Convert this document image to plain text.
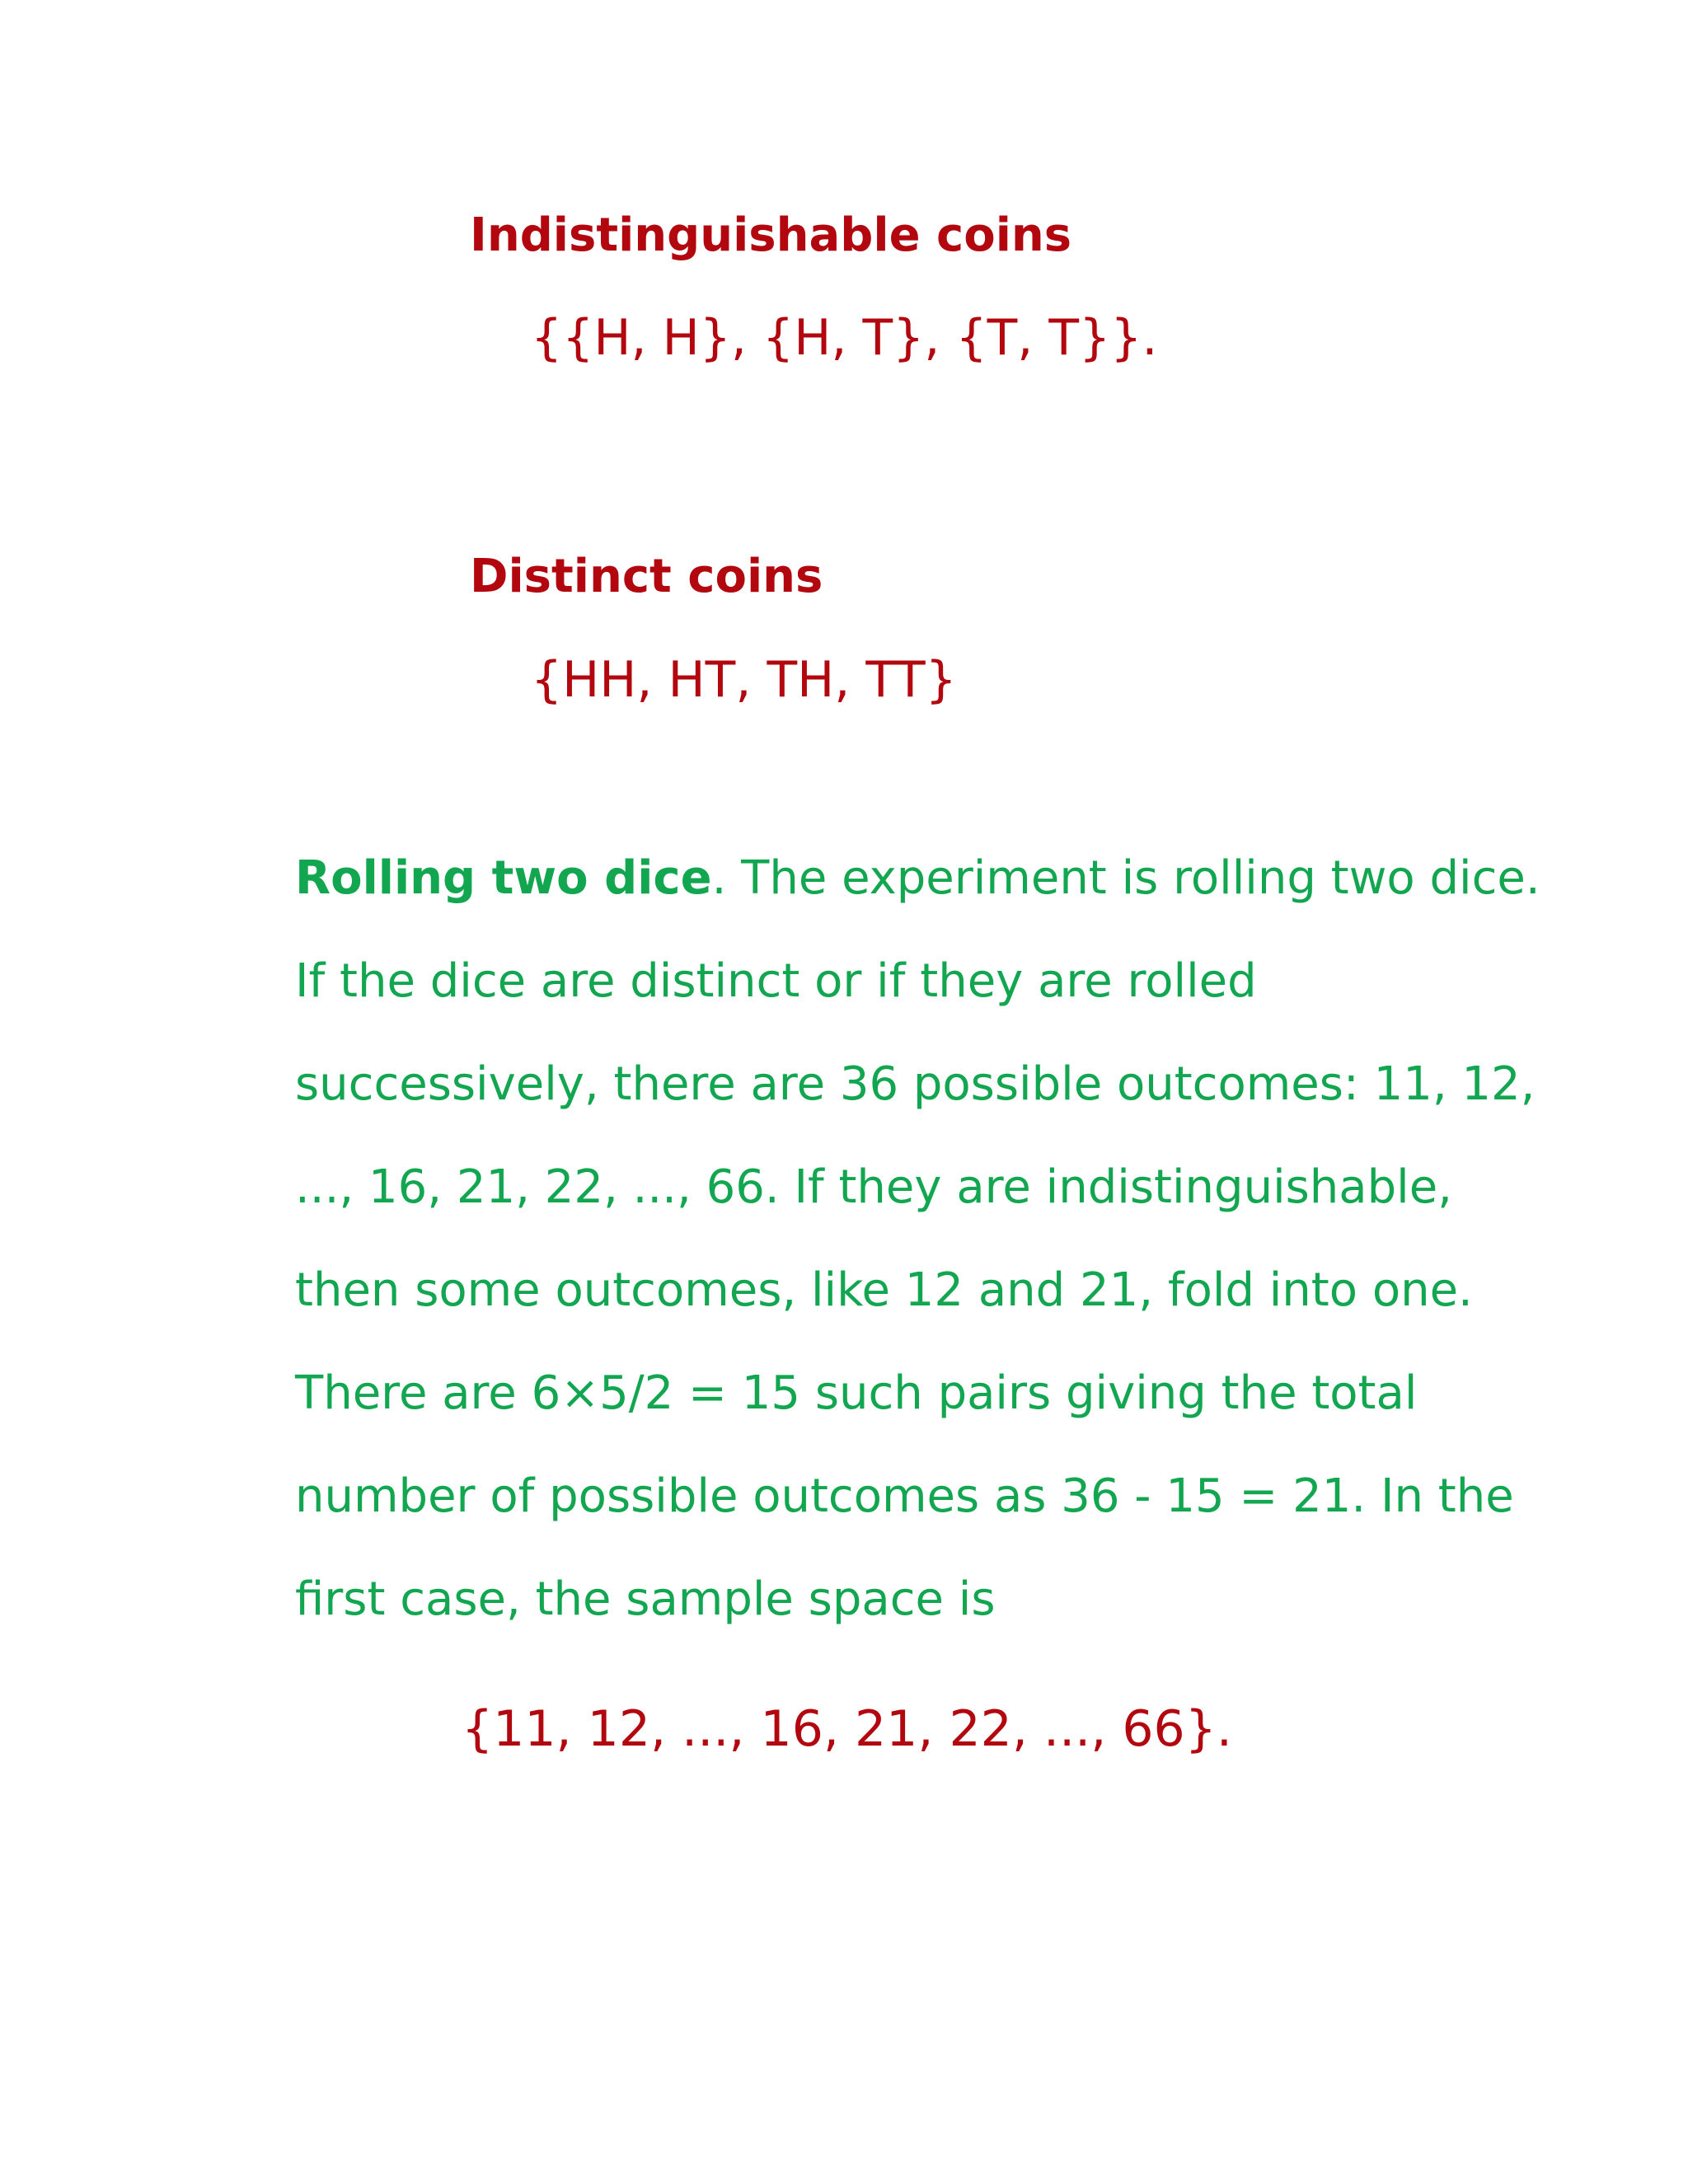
Indistinguishable coins
{{H, H}, {H, T}, {T, T}}.
Distinct coins
{HH, HT, TH, TT}
Rolling two dice. The experiment is rolling two dice.
If the dice are distinct or if they are rolled
successively, there are 36 possible outcomes: 11, 12,
..., 16, 21, 22, ..., 66. If they are indistinguishable,
then some outcomes, like 12 and 21, fold into one.
There are 6×5/2 = 15 such pairs giving the total
number of possible outcomes as 36 - 15 = 21. In the
first case, the sample space is
{11, 12, ..., 16, 21, 22, ..., 66}.
